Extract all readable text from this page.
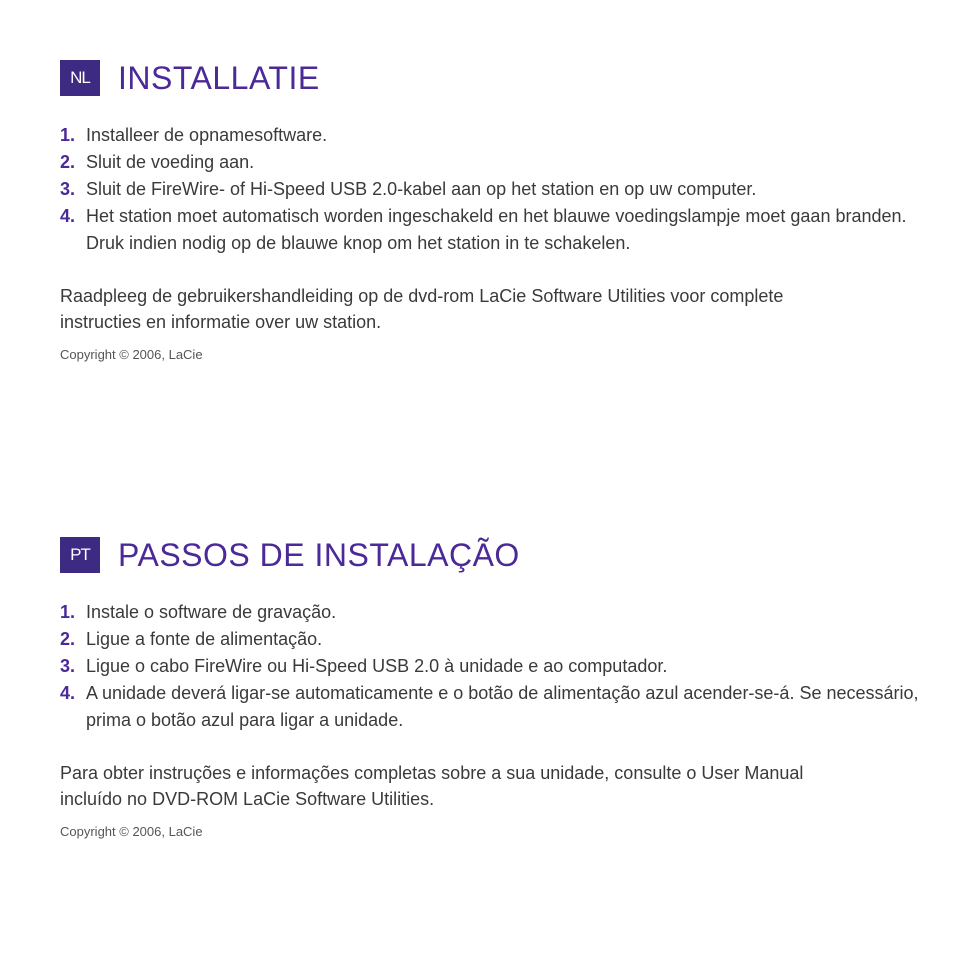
NL INSTALLATIE
1. Installeer de opnamesoftware.
2. Sluit de voeding aan.
3. Sluit de FireWire- of Hi-Speed USB 2.0-kabel aan op het station en op uw computer.
4. Het station moet automatisch worden ingeschakeld en het blauwe voedingslampje moet gaan branden. Druk indien nodig op de blauwe knop om het station in te schakelen.
Raadpleeg de gebruikershandleiding op de dvd-rom LaCie Software Utilities voor complete instructies en informatie over uw station.
Copyright © 2006, LaCie
PT PASSOS DE INSTALAÇÃO
1. Instale o software de gravação.
2. Ligue a fonte de alimentação.
3. Ligue o cabo FireWire ou Hi-Speed USB 2.0 à unidade e ao computador.
4. A unidade deverá ligar-se automaticamente e o botão de alimentação azul acender-se-á. Se necessário, prima o botão azul para ligar a unidade.
Para obter instruções e informações completas sobre a sua unidade, consulte o User Manual incluído no DVD-ROM LaCie Software Utilities.
Copyright © 2006, LaCie
